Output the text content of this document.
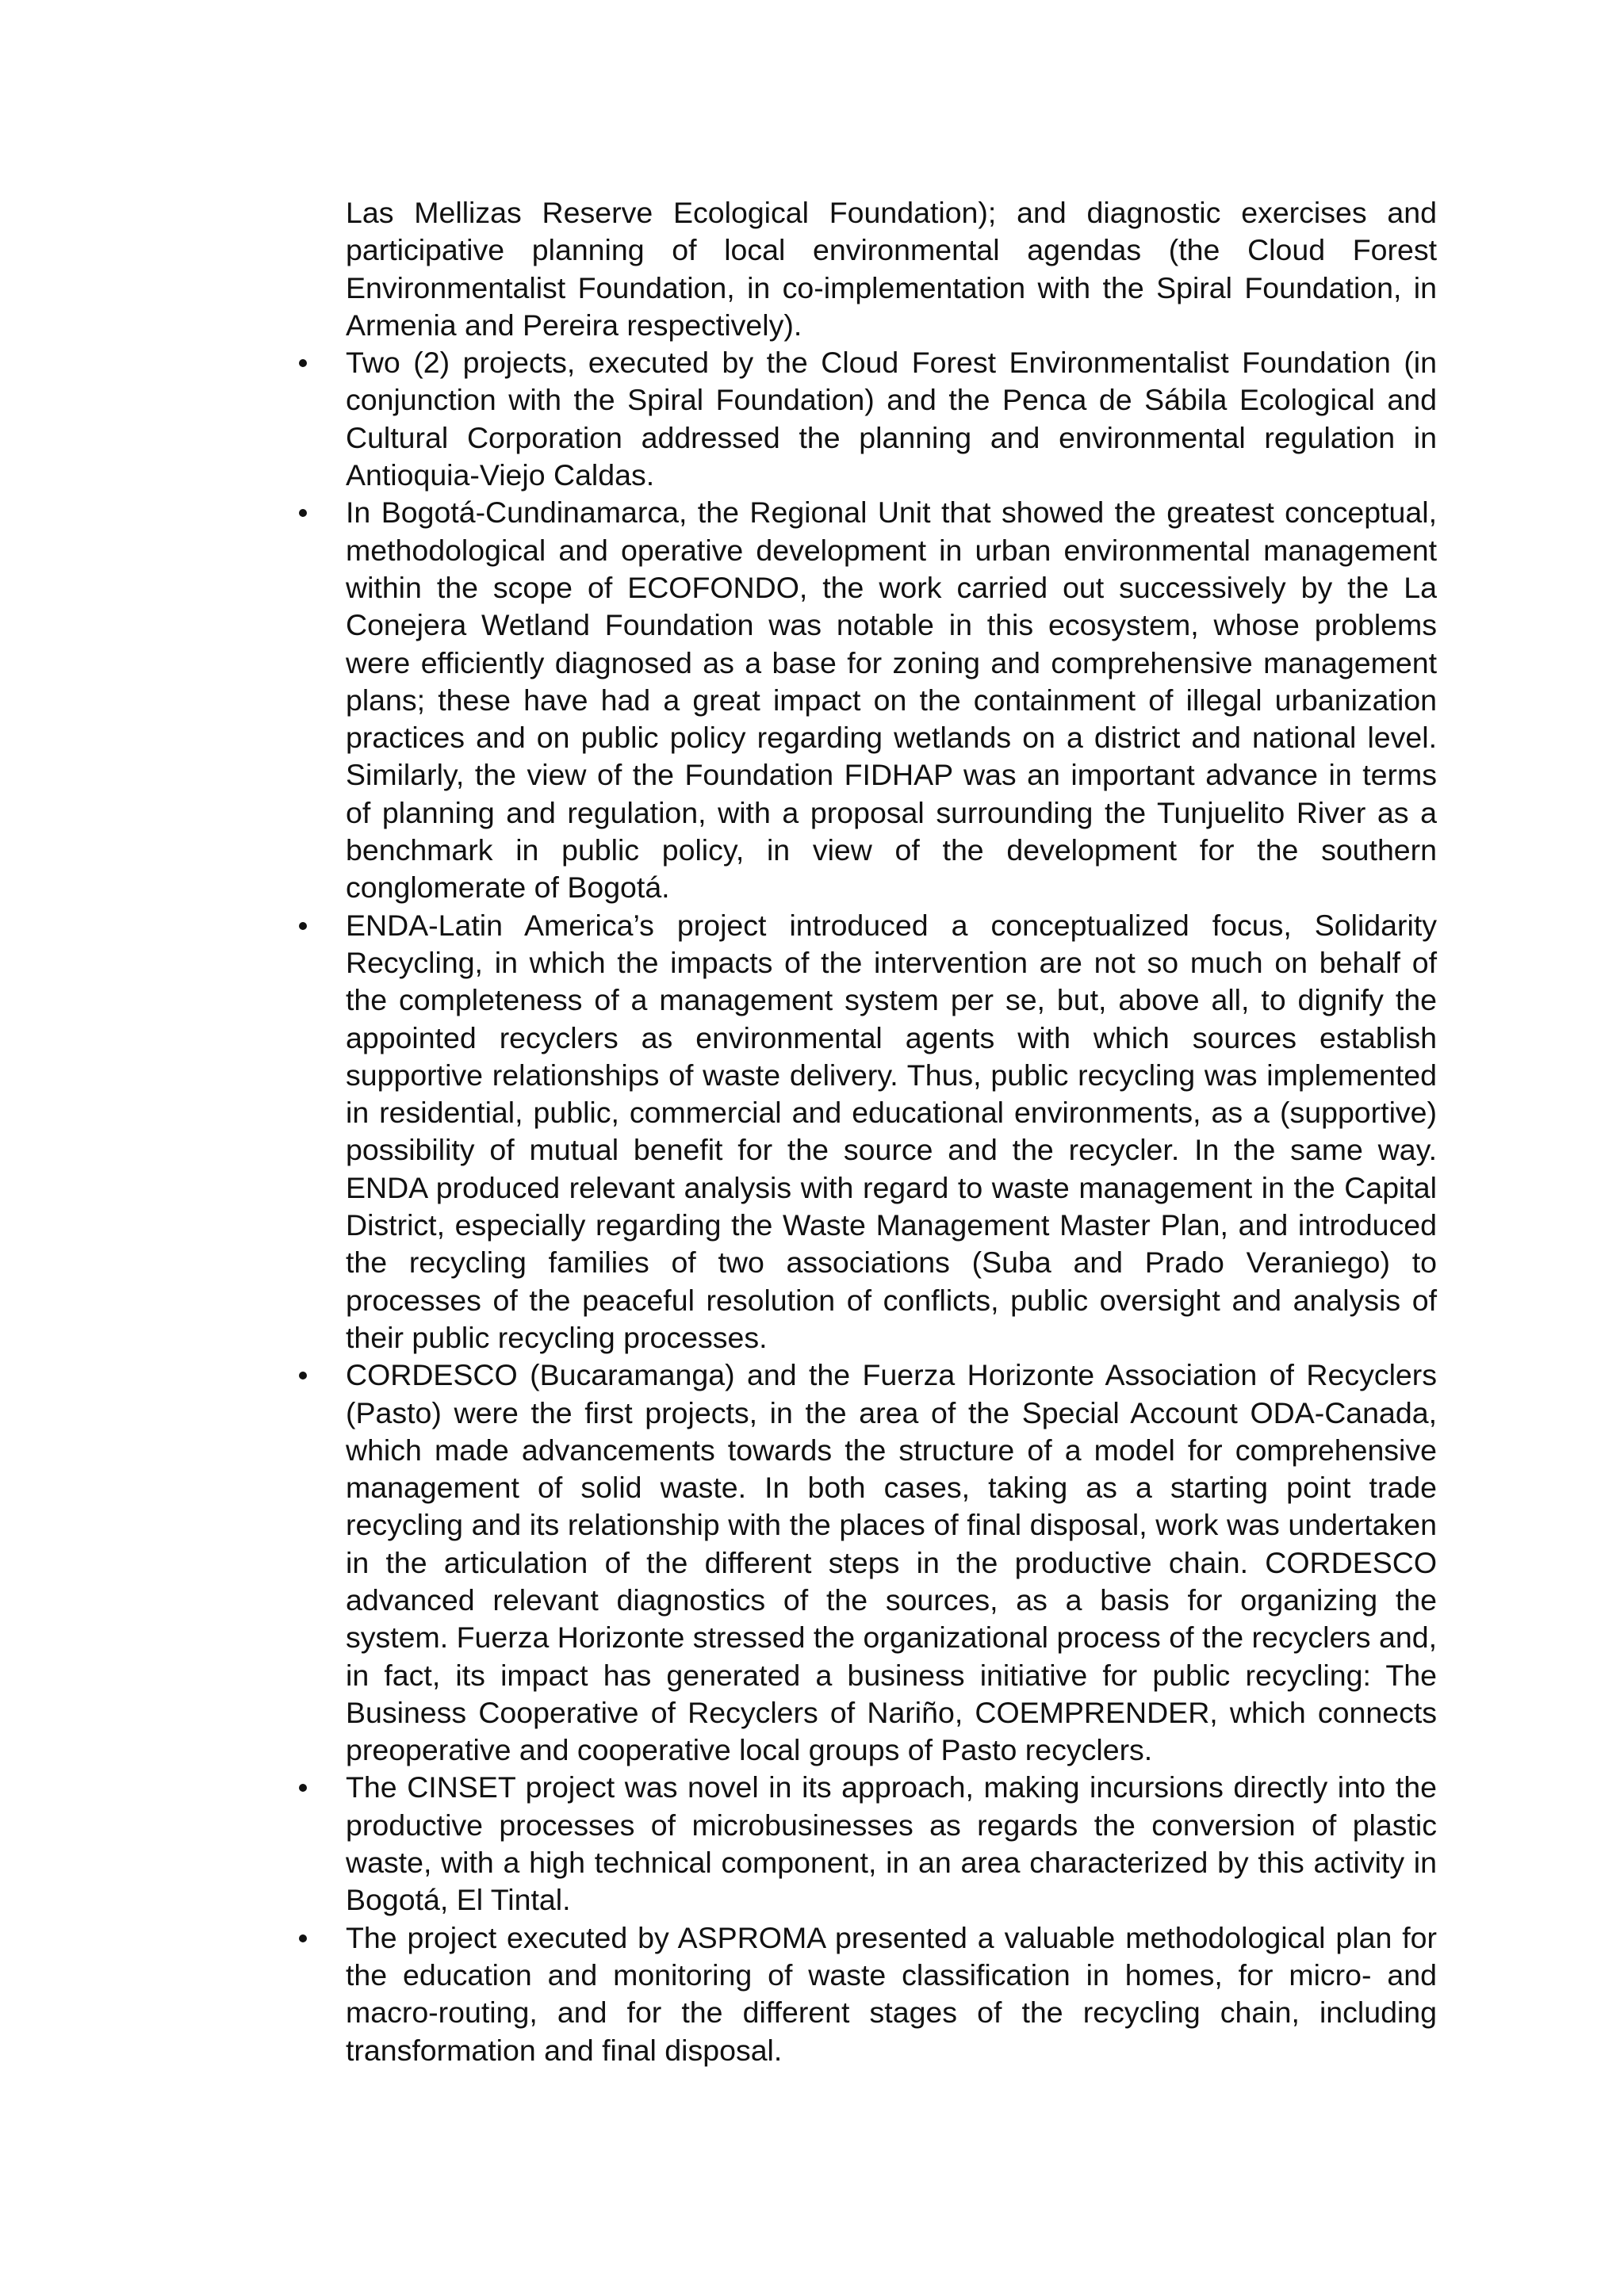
Las Mellizas Reserve Ecological Foundation); and diagnostic exercises and participative planning of local environmental agendas (the Cloud Forest Environmentalist Foundation, in co-implementation with the Spiral Foundation, in Armenia and Pereira respectively).

Two (2) projects, executed by the Cloud Forest Environmentalist Foundation (in conjunction with the Spiral Foundation) and the Penca de Sábila Ecological and Cultural Corporation addressed the planning and environmental regulation in Antioquia-Viejo Caldas.
In Bogotá-Cundinamarca, the Regional Unit that showed the greatest conceptual, methodological and operative development in urban environmental management within the scope of ECOFONDO, the work carried out successively by the La Conejera Wetland Foundation was notable in this ecosystem, whose problems were efficiently diagnosed as a base for zoning and comprehensive management plans; these have had a great impact on the containment of illegal urbanization practices and on public policy regarding wetlands on a district and national level. Similarly, the view of the Foundation FIDHAP was an important advance in terms of planning and regulation, with a proposal surrounding the Tunjuelito River as a benchmark in public policy, in view of the development for the southern conglomerate of Bogotá.
ENDA-Latin America’s project introduced a conceptualized focus, Solidarity Recycling, in which the impacts of the intervention are not so much on behalf of the completeness of a management system per se, but, above all, to dignify the appointed recyclers as environmental agents with which sources establish supportive relationships of waste delivery. Thus, public recycling was implemented in residential, public, commercial and educational environments, as a (supportive) possibility of mutual benefit for the source and the recycler. In the same way. ENDA produced relevant analysis with regard to waste management in the Capital District, especially regarding the Waste Management Master Plan, and introduced the recycling families of two associations (Suba and Prado Veraniego) to processes of the peaceful resolution of conflicts, public oversight and analysis of their public recycling processes.
CORDESCO (Bucaramanga) and the Fuerza Horizonte Association of Recyclers (Pasto) were the first projects, in the area of the Special Account ODA-Canada, which made advancements towards the structure of a model for comprehensive management of solid waste. In both cases, taking as a starting point trade recycling and its relationship with the places of final disposal, work was undertaken in the articulation of the different steps in the productive chain. CORDESCO advanced relevant diagnostics of the sources, as a basis for organizing the system. Fuerza Horizonte stressed the organizational process of the recyclers and, in fact, its impact has generated a business initiative for public recycling: The Business Cooperative of Recyclers of Nariño, COEMPRENDER, which connects preoperative and cooperative local groups of Pasto recyclers.
The CINSET project was novel in its approach, making incursions directly into the productive processes of microbusinesses as regards the conversion of plastic waste, with a high technical component, in an area characterized by this activity in Bogotá, El Tintal.
The project executed by ASPROMA presented a valuable methodological plan for the education and monitoring of waste classification in homes, for micro- and macro-routing, and for the different stages of the recycling chain, including transformation and final disposal.
